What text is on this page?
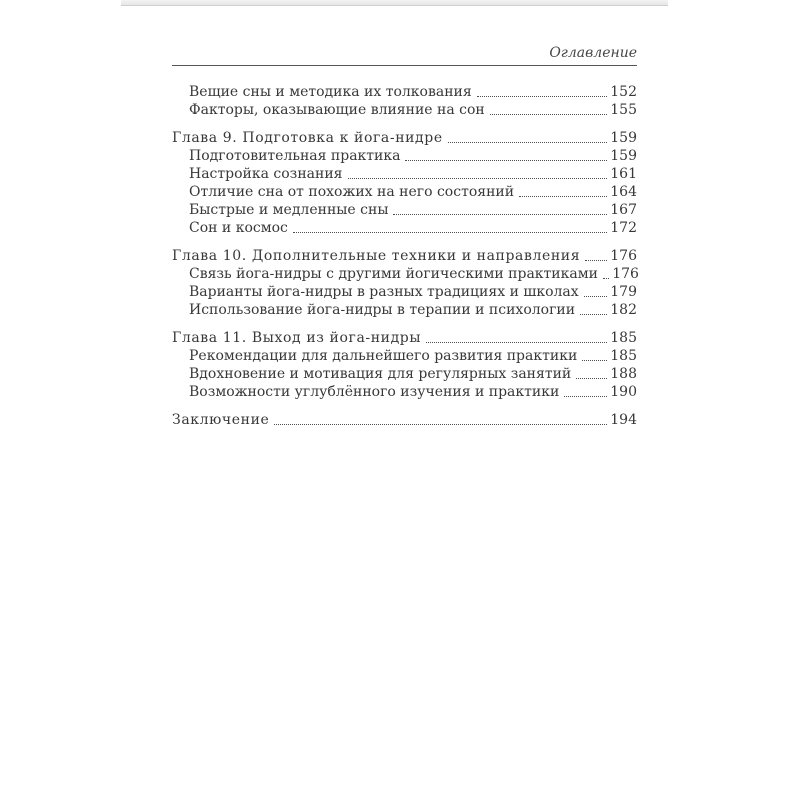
Оглавление
Вещие сны и методика их толкования	152
Факторы, оказывающие влияние на сон	155
Глава 9. Подготовка к йога-нидре	159
Подготовительная практика	159
Настройка сознания	161
Отличие сна от похожих на него состояний	164
Быстрые и медленные сны	167
Сон и космос	172
Глава 10. Дополнительные техники и направления 176
Связь йога-нидры с другими йогическими практиками 176
Варианты йога-нидры в разных традициях и школах 179
Использование йога-нидры в терапии и психологии	182
Глава 11. Выход из йога-нидры	185
Рекомендации для дальнейшего развития практики 185
Вдохновение и мотивация для регулярных занятий	188
Возможности углублённого изучения и практики	190
Заключение	194
